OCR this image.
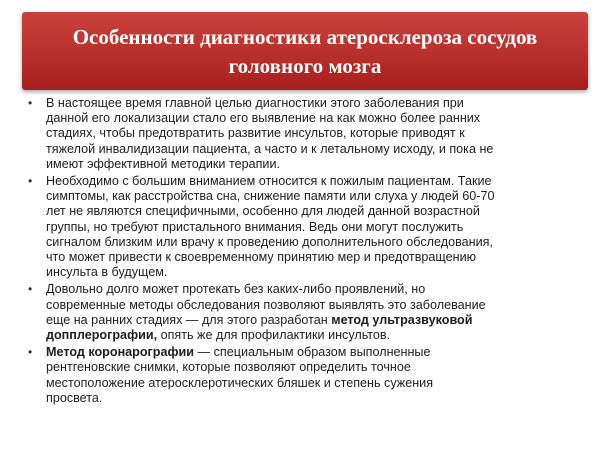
Особенности диагностики атеросклероза сосудов
головного мозга
• В настоящее время главной целью диагностики этого заболевания при
данной его локализации стало его выявление на как можно более ранних
стадиях, чтобы предотвратить развитие инсультов, которые приводят к
тяжелой инвалидизации пациента, а часто и к летальному исходу, и пока не
имеют эффективной методики терапии.
• Необходимо с большим вниманием относится к пожилым пациентам. Такие
симптомы, как расстройства сна, снижение памяти или слуха у людей 60-70
лет не являются специфичными, особенно для людей данной возрастной
группы, но требуют пристального внимания. Ведь они могут послужить
сигналом близким или врачу к проведению дополнительного обследования,
что может привести к своевременному принятию мер и предотвращению
инсульта в будущем.
• Довольно долго может протекать без каких-либо проявлений, но
современные методы обследования позволяют выявлять это заболевание
еще на ранних стадиях — для этого разработан метод ультразвуковой
допплерографии, опять же для профилактики инсультов.
• Метод коронарографии — специальным образом выполненные
рентгеновские снимки, которые позволяют определить точное
местоположение атеросклеротических бляшек и степень сужения
просвета.
